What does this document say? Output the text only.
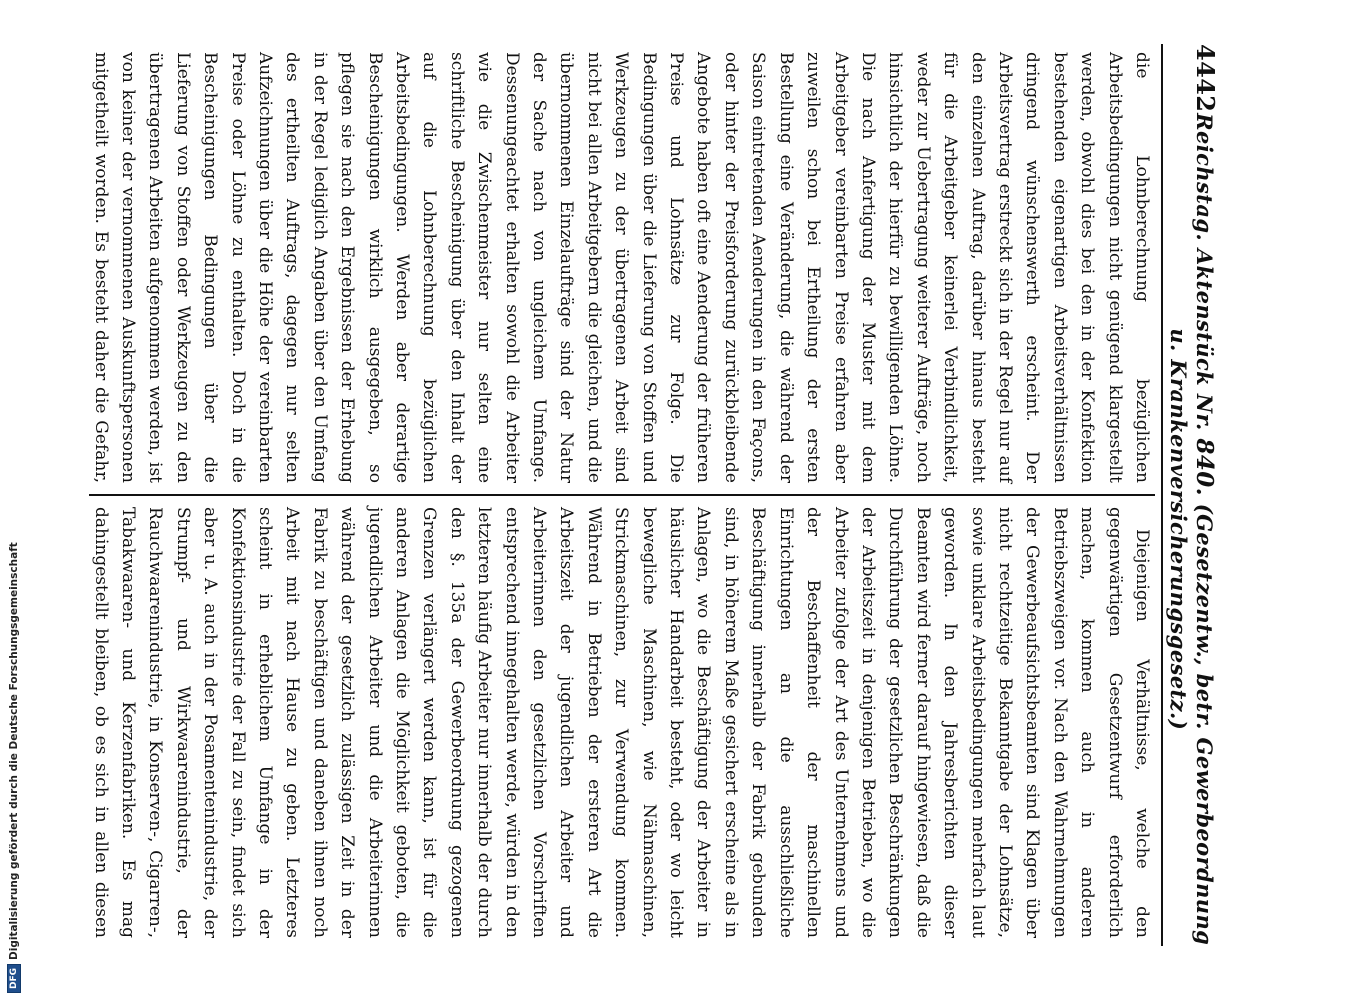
DFG
Digitalisierung gefördert durch die Deutsche Forschungsgemeinschaft
4442
Reichstag. Aktenstück Nr. 840. (Gesetzentw., betr. Gewerbeordnung u. Krankenversicherungsgesetz.)

die Lohnberechnung bezüglichen Arbeitsbedingungen nicht genügend klargestellt werden, obwohl dies bei den in der Konfektion bestehenden eigenartigen Arbeitsverhältnissen dringend wünschenswerth erscheint. Der Arbeitsvertrag erstreckt sich in der Regel nur auf den einzelnen Auftrag, darüber hinaus besteht für die Arbeitgeber keinerlei Verbindlichkeit, weder zur Uebertragung weiterer Aufträge, noch hinsichtlich der hierfür zu bewilligenden Löhne. Die nach Anfertigung der Muster mit dem Arbeitgeber vereinbarten Preise erfahren aber zuweilen schon bei Ertheilung der ersten Bestellung eine Veränderung, die während der Saison eintretenden Aenderungen in den Façons, oder hinter der Preisforderung zurückbleibende Angebote haben oft eine Aenderung der früheren Preise und Lohnsätze zur Folge. Die Bedingungen über die Lieferung von Stoffen und Werkzeugen zu der übertragenen Arbeit sind nicht bei allen Arbeitgebern die gleichen, und die übernommenen Einzelaufträge sind der Natur der Sache nach von ungleichem Umfange. Dessenungeachtet erhalten sowohl die Arbeiter wie die Zwischenmeister nur selten eine schriftliche Bescheinigung über den Inhalt der auf die Lohnberechnung bezüglichen Arbeitsbedingungen. Werden aber derartige Bescheinigungen wirklich ausgegeben, so pflegen sie nach den Ergebnissen der Erhebung in der Regel lediglich Angaben über den Umfang des ertheilten Auftrags, dagegen nur selten Aufzeichnungen über die Höhe der vereinbarten Preise oder Löhne zu enthalten. Doch in die Bescheinigungen Bedingungen über die Lieferung von Stoffen oder Werkzeugen zu den übertragenen Arbeiten aufgenommen werden, ist von keiner der vernommenen Auskunftspersonen mitgetheilt worden. Es besteht daher die Gefahr,

Diejenigen Verhältnisse, welche den gegenwärtigen Gesetzentwurf erforderlich machen, kommen auch in anderen Betriebszweigen vor. Nach den Wahrnehmungen der Gewerbeaufsichtsbeamten sind Klagen über nicht rechtzeitige Bekanntgabe der Lohnsätze, sowie unklare Arbeitsbedingungen mehrfach laut geworden. In den Jahresberichten dieser Beamten wird ferner darauf hingewiesen, daß die Durchführung der gesetzlichen Beschränkungen der Arbeitszeit in denjenigen Betrieben, wo die Arbeiter zufolge der Art des Unternehmens und der Beschaffenheit der maschinellen Einrichtungen an die ausschließliche Beschäftigung innerhalb der Fabrik gebunden sind, in höherem Maße gesichert erscheine als in Anlagen, wo die Beschäftigung der Arbeiter in häuslicher Handarbeit besteht, oder wo leicht bewegliche Maschinen, wie Nähmaschinen, Strickmaschinen, zur Verwendung kommen. Während in Betrieben der ersteren Art die Arbeitszeit der jugendlichen Arbeiter und Arbeiterinnen den gesetzlichen Vorschriften entsprechend innegehalten werde, würden in den letzteren häufig Arbeiter nur innerhalb der durch den §. 135a der Gewerbeordnung gezogenen Grenzen verlängert werden kann, ist für die anderen Anlagen die Möglichkeit geboten, die jugendlichen Arbeiter und die Arbeiterinnen während der gesetzlich zulässigen Zeit in der Fabrik zu beschäftigen und daneben ihnen noch Arbeit mit nach Hause zu geben. Letzteres scheint in erheblichem Umfange in der Konfektionsindustrie der Fall zu sein, findet sich aber u. A. auch in der Posamentenindustrie, der Strumpf- und Wirkwaarenindustrie, der Rauchwaarenindustrie, in Konserven-, Cigarren-, Tabakwaaren- und Kerzenfabriken. Es mag dahingestellt bleiben, ob es sich in allen diesen
